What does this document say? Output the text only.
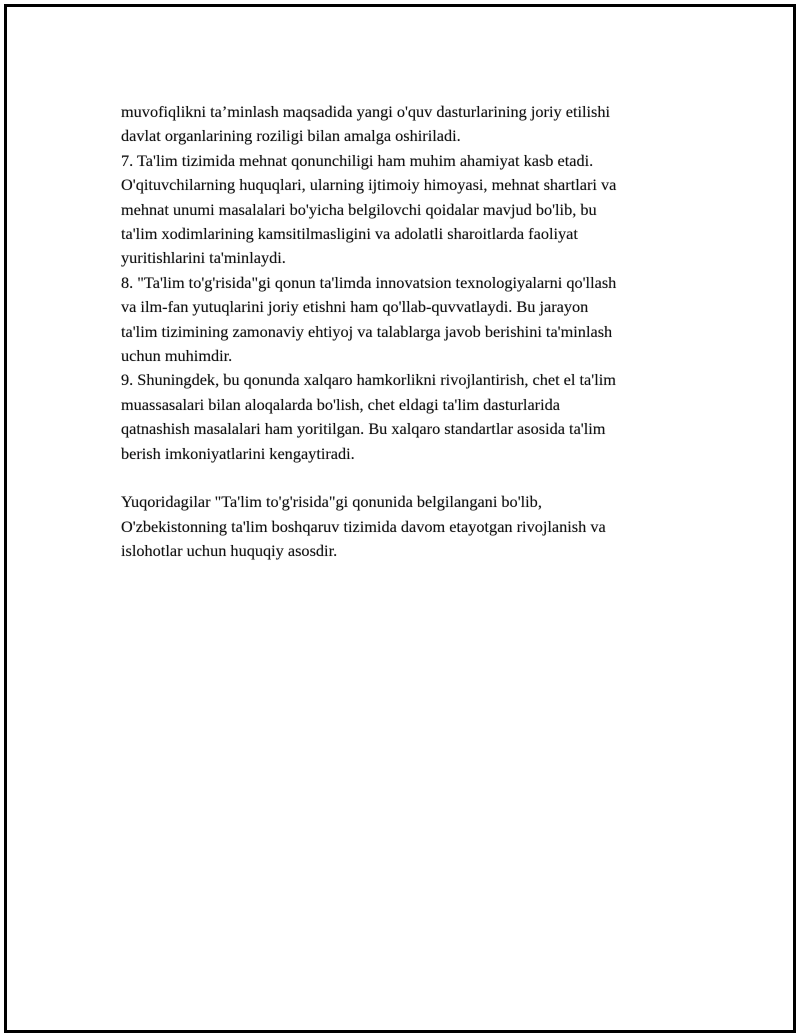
muvofiqlikni ta’minlash maqsadida yangi o'quv dasturlarining joriy etilishi
davlat organlarining roziligi bilan amalga oshiriladi.
7. Ta'lim tizimida mehnat qonunchiligi ham muhim ahamiyat kasb etadi.
O'qituvchilarning huquqlari, ularning ijtimoiy himoyasi, mehnat shartlari va
mehnat unumi masalalari bo'yicha belgilovchi qoidalar mavjud bo'lib, bu
ta'lim xodimlarining kamsitilmasligini va adolatli sharoitlarda faoliyat
yuritishlarini ta'minlaydi.
8. "Ta'lim to'g'risida"gi qonun ta'limda innovatsion texnologiyalarni qo'llash
va ilm-fan yutuqlarini joriy etishni ham qo'llab-quvvatlaydi. Bu jarayon
ta'lim tizimining zamonaviy ehtiyoj va talablarga javob berishini ta'minlash
uchun muhimdir.
9. Shuningdek, bu qonunda xalqaro hamkorlikni rivojlantirish, chet el ta'lim
muassasalari bilan aloqalarda bo'lish, chet eldagi ta'lim dasturlarida
qatnashish masalalari ham yoritilgan. Bu xalqaro standartlar asosida ta'lim
berish imkoniyatlarini kengaytiradi.
Yuqoridagilar "Ta'lim to'g'risida"gi qonunida belgilangani bo'lib,
O'zbekistonning ta'lim boshqaruv tizimida davom etayotgan rivojlanish va
islohotlar uchun huquqiy asosdir.
